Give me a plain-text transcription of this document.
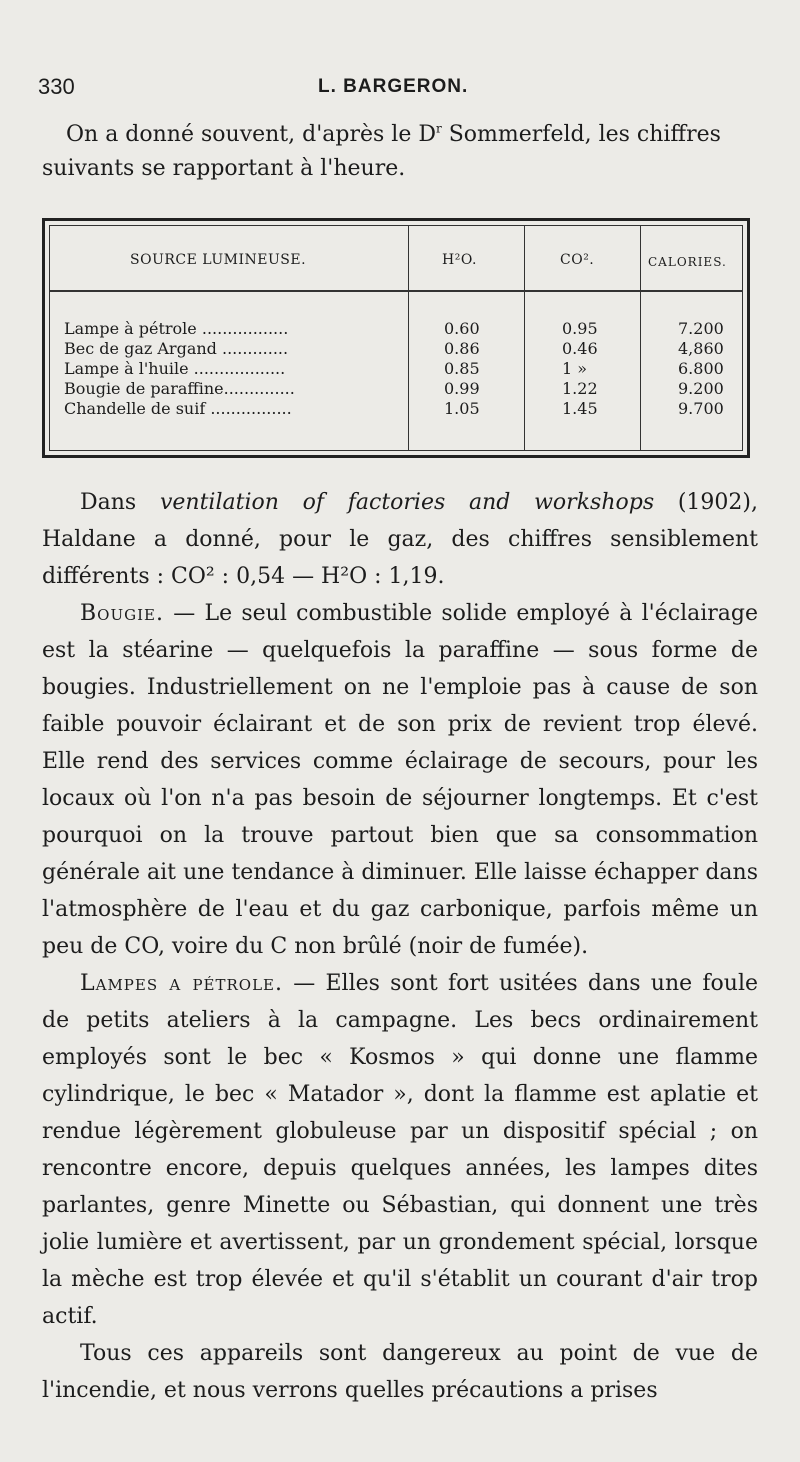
330	L. BARGERON.
On a donné souvent, d'après le $D^r$ Sommerfeld, les chiffres suivants se rapportant à l'heure.
SOURCE LUMINEUSE.	H²O.	CO².	CALORIES.
Lampe à pétrole .................	0.60	0.95	7.200
Bec de gaz Argand .............	0.86	0.46	4,860
Lampe à l'huile ..................	0.85	1 »	6.800
Bougie de paraffine..............	0.99	1.22	9.200
Chandelle de suif ................	1.05	1.45	9.700

Dans ventilation of factories and workshops (1902), Haldane a donné, pour le gaz, des chiffres sensiblement différents : CO² : 0,54 — H²O : 1,19.

Bougie. — Le seul combustible solide employé à l'éclairage est la stéarine — quelquefois la paraffine — sous forme de bougies. Industriellement on ne l'emploie pas à cause de son faible pouvoir éclairant et de son prix de revient trop élevé. Elle rend des services comme éclairage de secours, pour les locaux où l'on n'a pas besoin de séjourner longtemps. Et c'est pourquoi on la trouve partout bien que sa consommation générale ait une tendance à diminuer. Elle laisse échapper dans l'atmosphère de l'eau et du gaz carbonique, parfois même un peu de CO, voire du C non brûlé (noir de fumée).

Lampes a pétrole. — Elles sont fort usitées dans une foule de petits ateliers à la campagne. Les becs ordinairement employés sont le bec « Kosmos » qui donne une flamme cylindrique, le bec « Matador », dont la flamme est aplatie et rendue légèrement globuleuse par un dispositif spécial ; on rencontre encore, depuis quelques années, les lampes dites parlantes, genre Minette ou Sébastian, qui donnent une très jolie lumière et avertissent, par un grondement spécial, lorsque la mèche est trop élevée et qu'il s'établit un courant d'air trop actif.

Tous ces appareils sont dangereux au point de vue de l'incendie, et nous verrons quelles précautions a prises
